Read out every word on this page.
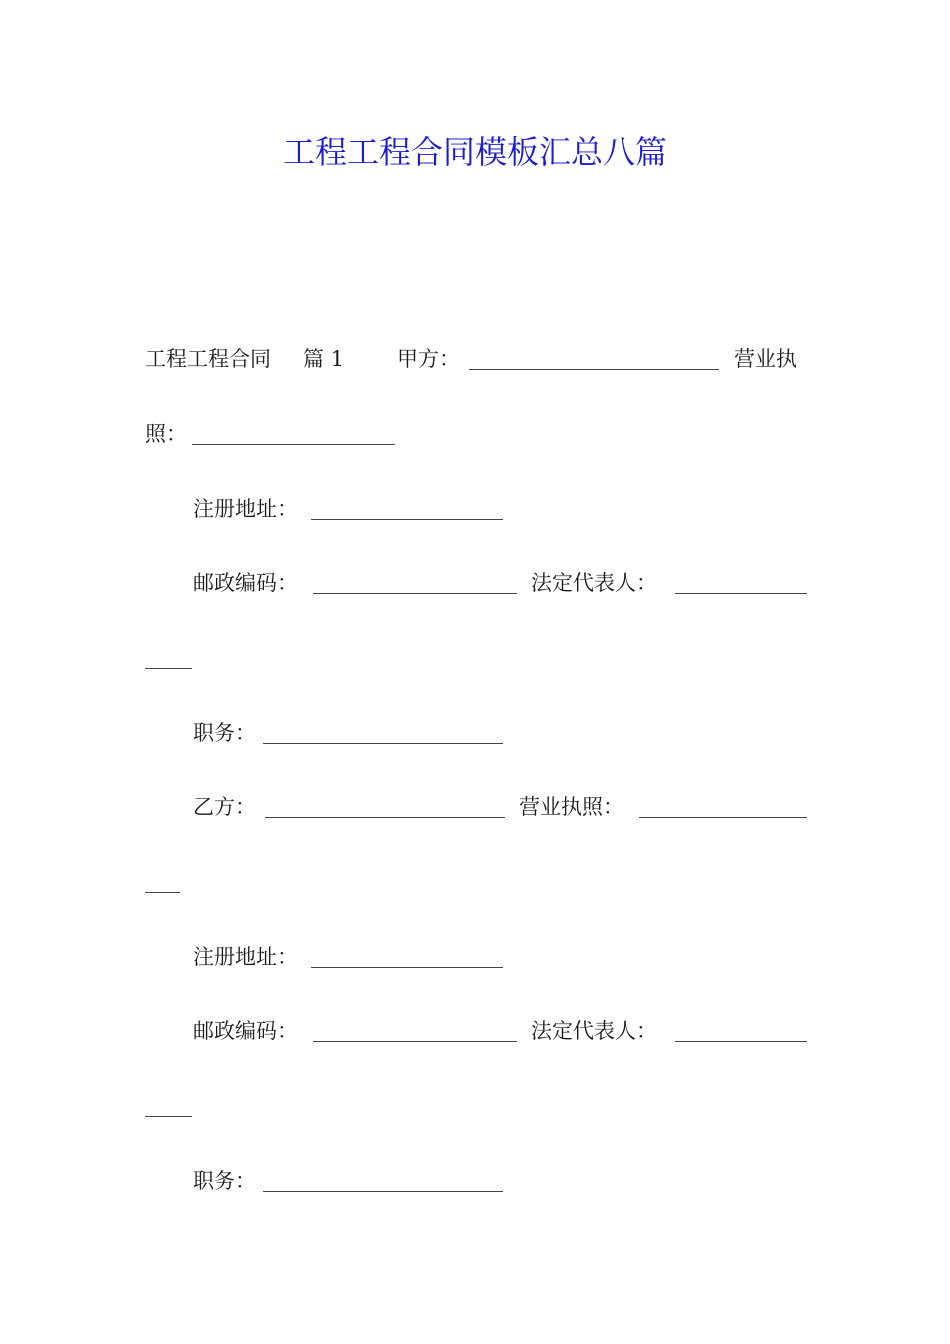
工程工程合同模板汇总八篇
工程工程合同 篇 1	甲方：	营业执
照：
注册地址：
邮政编码：	法定代表人：
职务：
乙方：	营业执照：
注册地址：
邮政编码：	法定代表人：
职务：
